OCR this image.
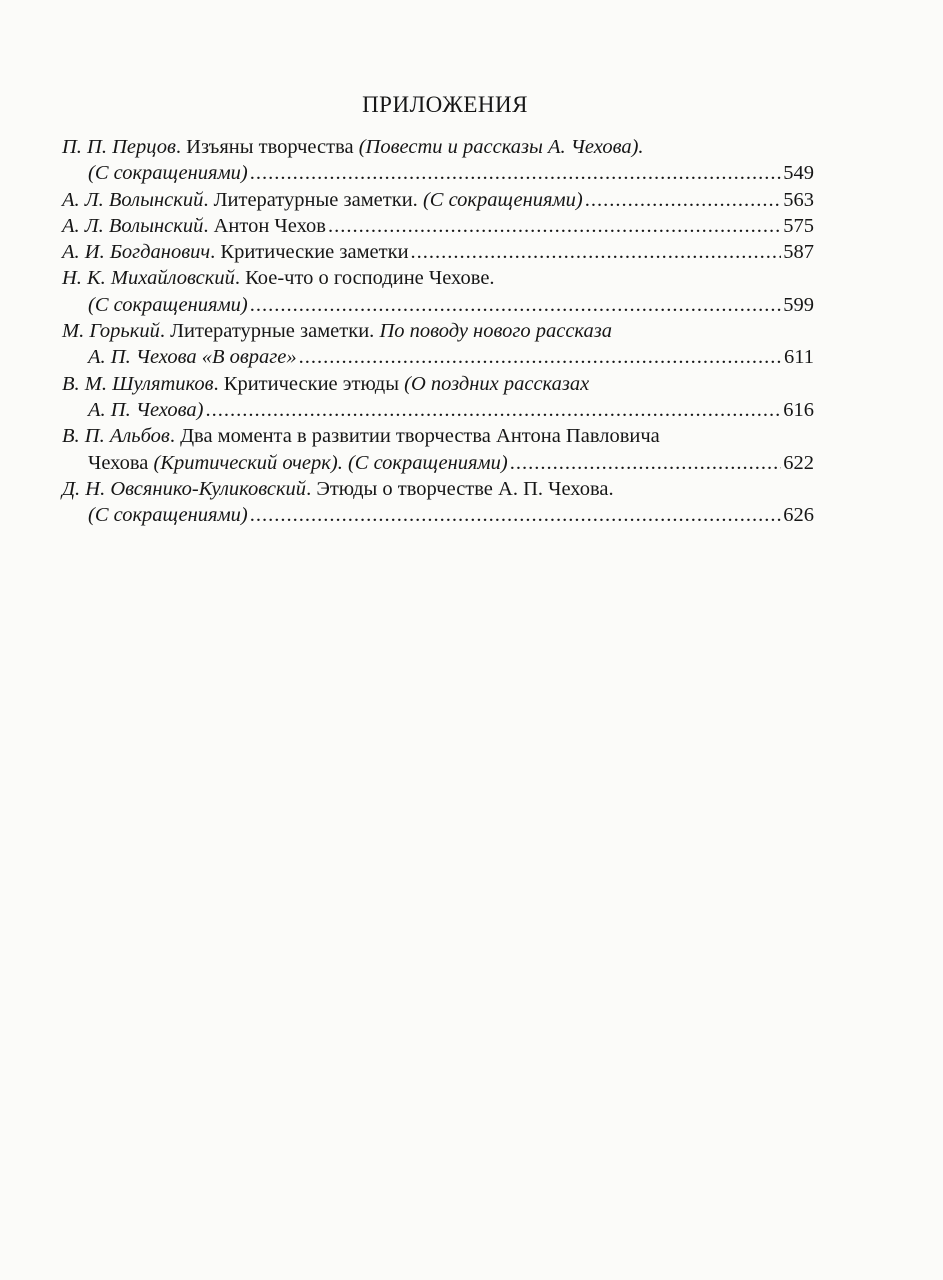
ПРИЛОЖЕНИЯ
П. П. Перцов. Изъяны творчества (Повести и рассказы А. Чехова).
(С сокращениями) .....	549
А. Л. Волынский. Литературные заметки. (С сокращениями) .....	563
А. Л. Волынский. Антон Чехов .....	575
А. И. Богданович. Критические заметки .....	587
Н. К. Михайловский. Кое-что о господине Чехове.
(С сокращениями) .....	599
М. Горький. Литературные заметки. По поводу нового рассказа
А. П. Чехова «В овраге» .....	611
В. М. Шулятиков. Критические этюды (О поздних рассказах
А. П. Чехова) .....	616
В. П. Альбов. Два момента в развитии творчества Антона Павловича
Чехова (Критический очерк). (С сокращениями) .....	622
Д. Н. Овсянико-Куликовский. Этюды о творчестве А. П. Чехова.
(С сокращениями) .....	626
